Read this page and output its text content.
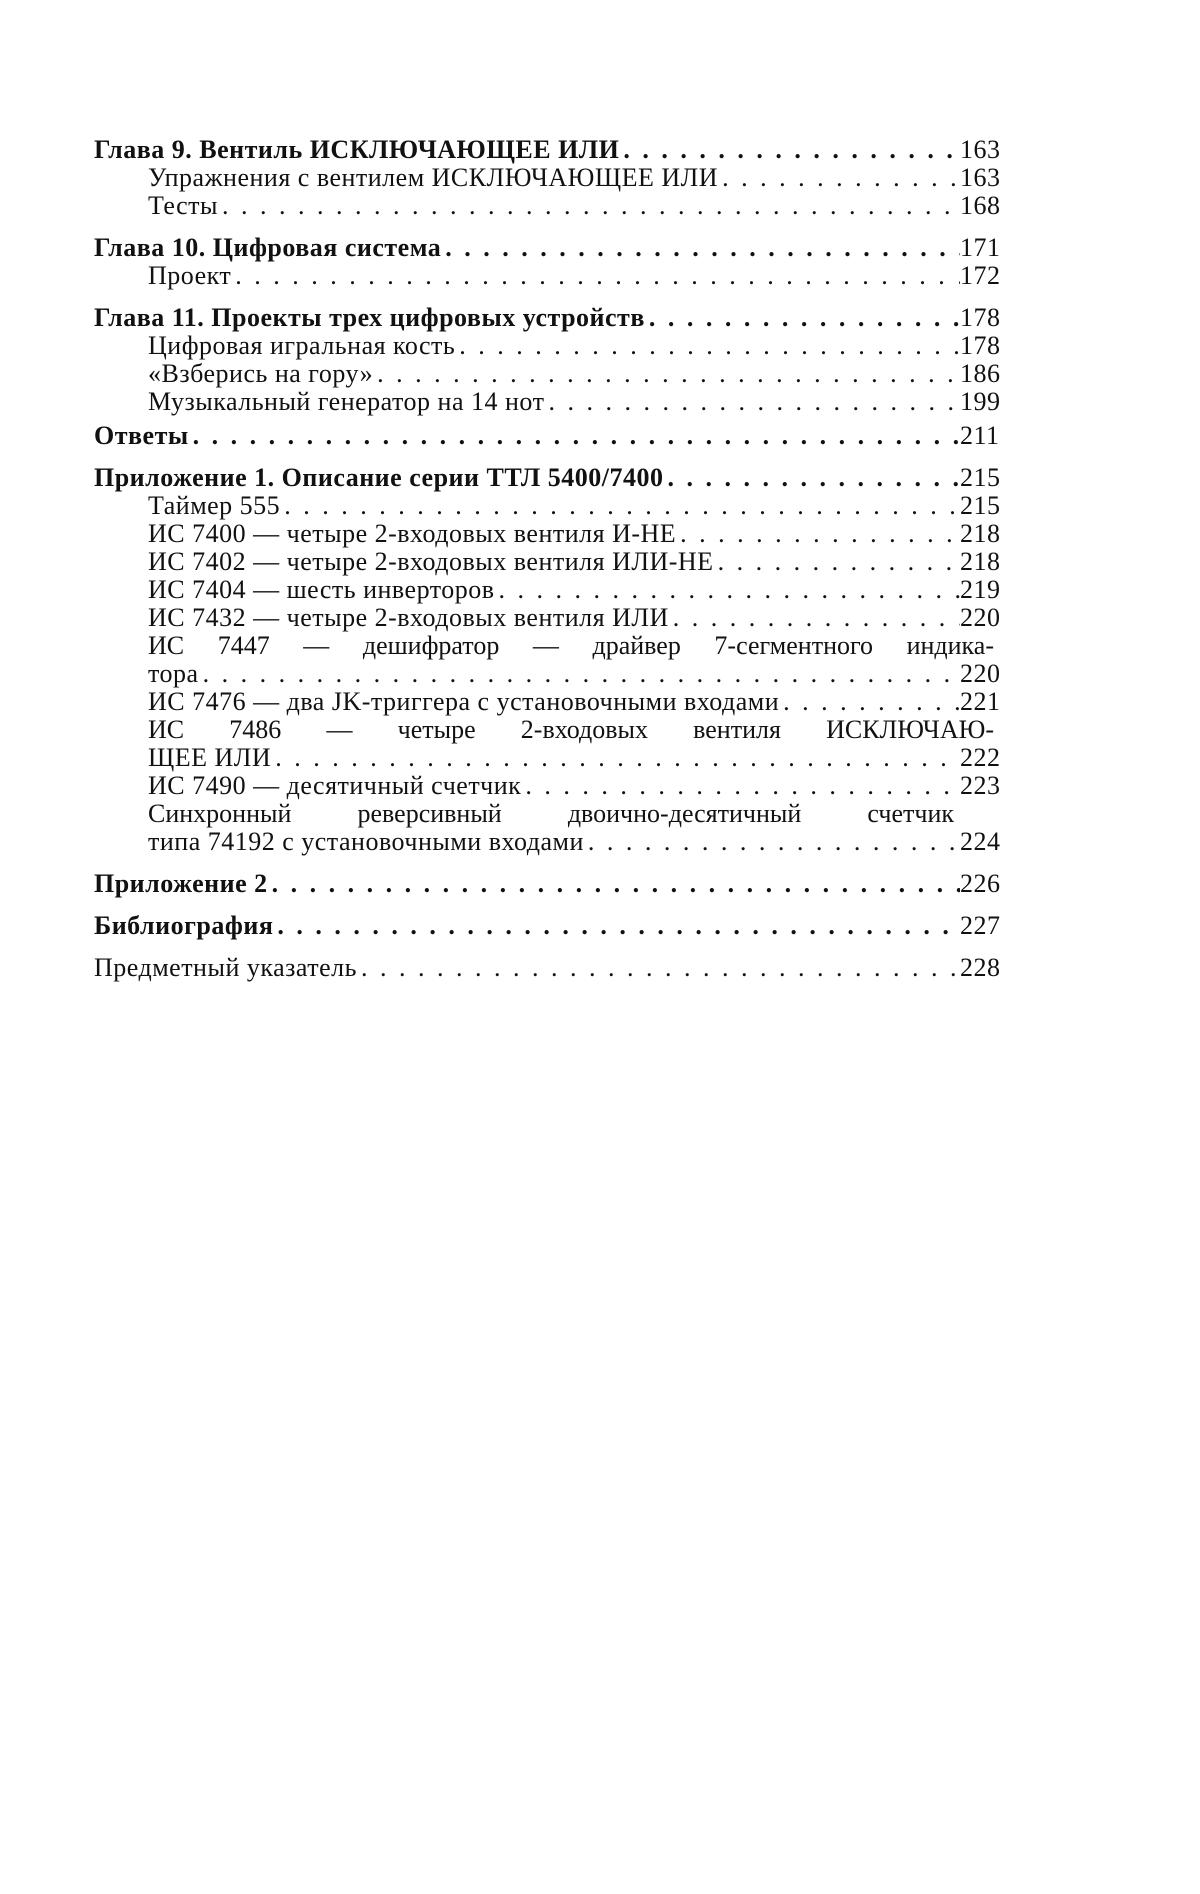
Глава 9. Вентиль ИСКЛЮЧАЮЩЕЕ ИЛИ . . .	163
Упражнения с вентилем ИСКЛЮЧАЮЩЕЕ ИЛИ . . .	163
Тесты . . .	168
Глава 10. Цифровая система . . .	171
Проект . . .	172
Глава 11. Проекты трех цифровых устройств . . .	178
Цифровая игральная кость . . .	178
«Взберись на гору» . . .	186
Музыкальный генератор на 14 нот . . .	199
Ответы . . .	211
Приложение 1. Описание серии ТТЛ 5400/7400 . . .	215
Таймер 555 . . .	215
ИС 7400 — четыре 2-входовых вентиля И-НЕ . . .	218
ИС 7402 — четыре 2-входовых вентиля ИЛИ-НЕ . . .	218
ИС 7404 — шесть инверторов . . .	219
ИС 7432 — четыре 2-входовых вентиля ИЛИ . . .	220
ИС 7447 — дешифратор — драйвер 7-сегментного индика-
тора . . .	220
ИС 7476 — два JK-триггера с установочными входами . . .	221
ИС 7486 — четыре 2-входовых вентиля ИСКЛЮЧАЮ-
ЩЕЕ ИЛИ . . .	222
ИС 7490 — десятичный счетчик . . .	223
Синхронный реверсивный двоично-десятичный счетчик
типа 74192 с установочными входами . . .	224
Приложение 2 . . .	226
Библиография . . .	227
Предметный указатель . . .	228
